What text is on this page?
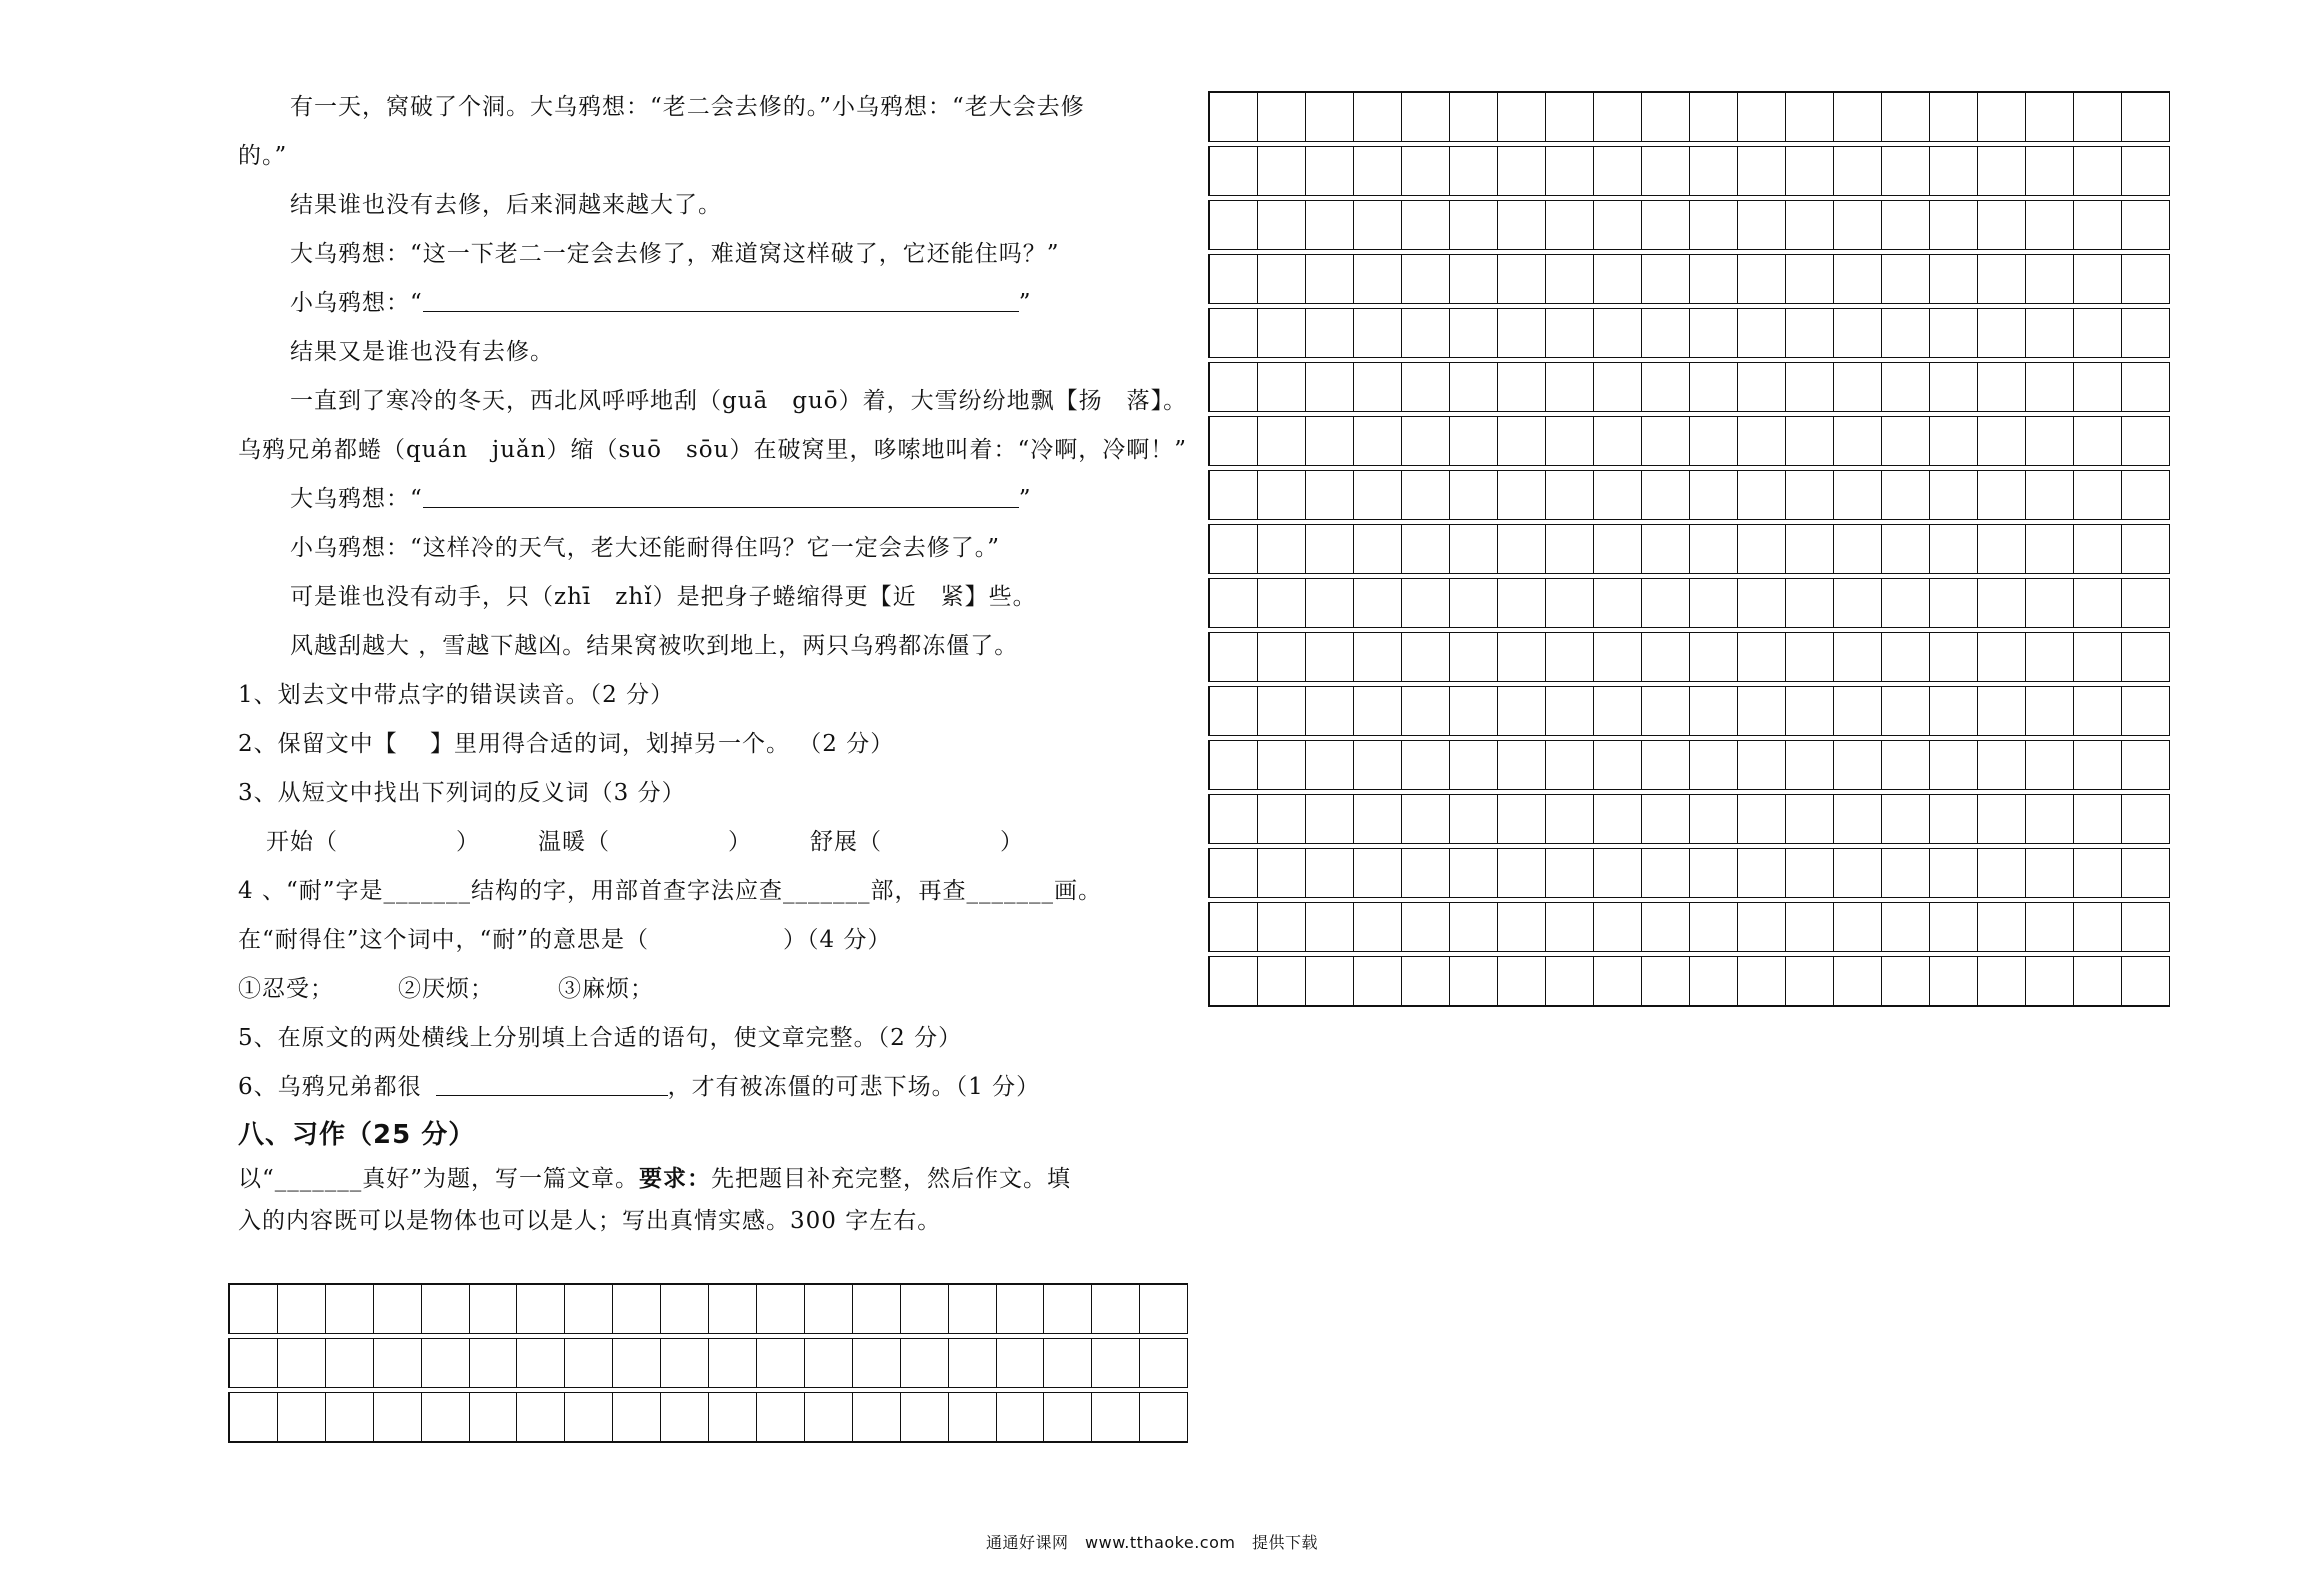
有一天，窝破了个洞。大乌鸦想：“老二会去修的。”小乌鸦想：“老大会去修
的。”
结果谁也没有去修，后来洞越来越大了。
大乌鸦想：“这一下老二一定会去修了，难道窝这样破了，它还能住吗？”
小乌鸦想：“	”
结果又是谁也没有去修。
一直到了寒冷的冬天，西北风呼呼地刮（guā　guō）着，大雪纷纷地飘【扬　落】。
乌鸦兄弟都蜷（quán　juǎn）缩（suō　sōu）在破窝里，哆嗦地叫着：“冷啊，冷啊！”
大乌鸦想：“	”
小乌鸦想：“这样冷的天气，老大还能耐得住吗？它一定会去修了。”
可是谁也没有动手，只（zhī　zhǐ）是把身子蜷缩得更【近　紧】些。
风越刮越大 ，雪越下越凶。结果窝被吹到地上，两只乌鸦都冻僵了。
1、划去文中带点字的错误读音。（2 分）
2、保留文中【　 】里用得合适的词，划掉另一个。 （2 分）
3、从短文中找出下列词的反义词（3 分）
开始（	）	温暖（	）	舒展（	）
4 、“耐”字是_______结构的字，用部首查字法应查_______部，再查_______画。
在“耐得住”这个词中，“耐”的意思是（	）（4 分）
①忍受；	②厌烦；	③麻烦；
5、在原文的两处横线上分别填上合适的语句，使文章完整。（2 分）
6、乌鸦兄弟都很	，才有被冻僵的可悲下场。（1 分）
八、习作（25 分）
以“_______真好”为题，写一篇文章。要求：先把题目补充完整，然后作文。填
入的内容既可以是物体也可以是人；写出真情实感。300 字左右。
通通好课网　www.tthaoke.com　提供下载
